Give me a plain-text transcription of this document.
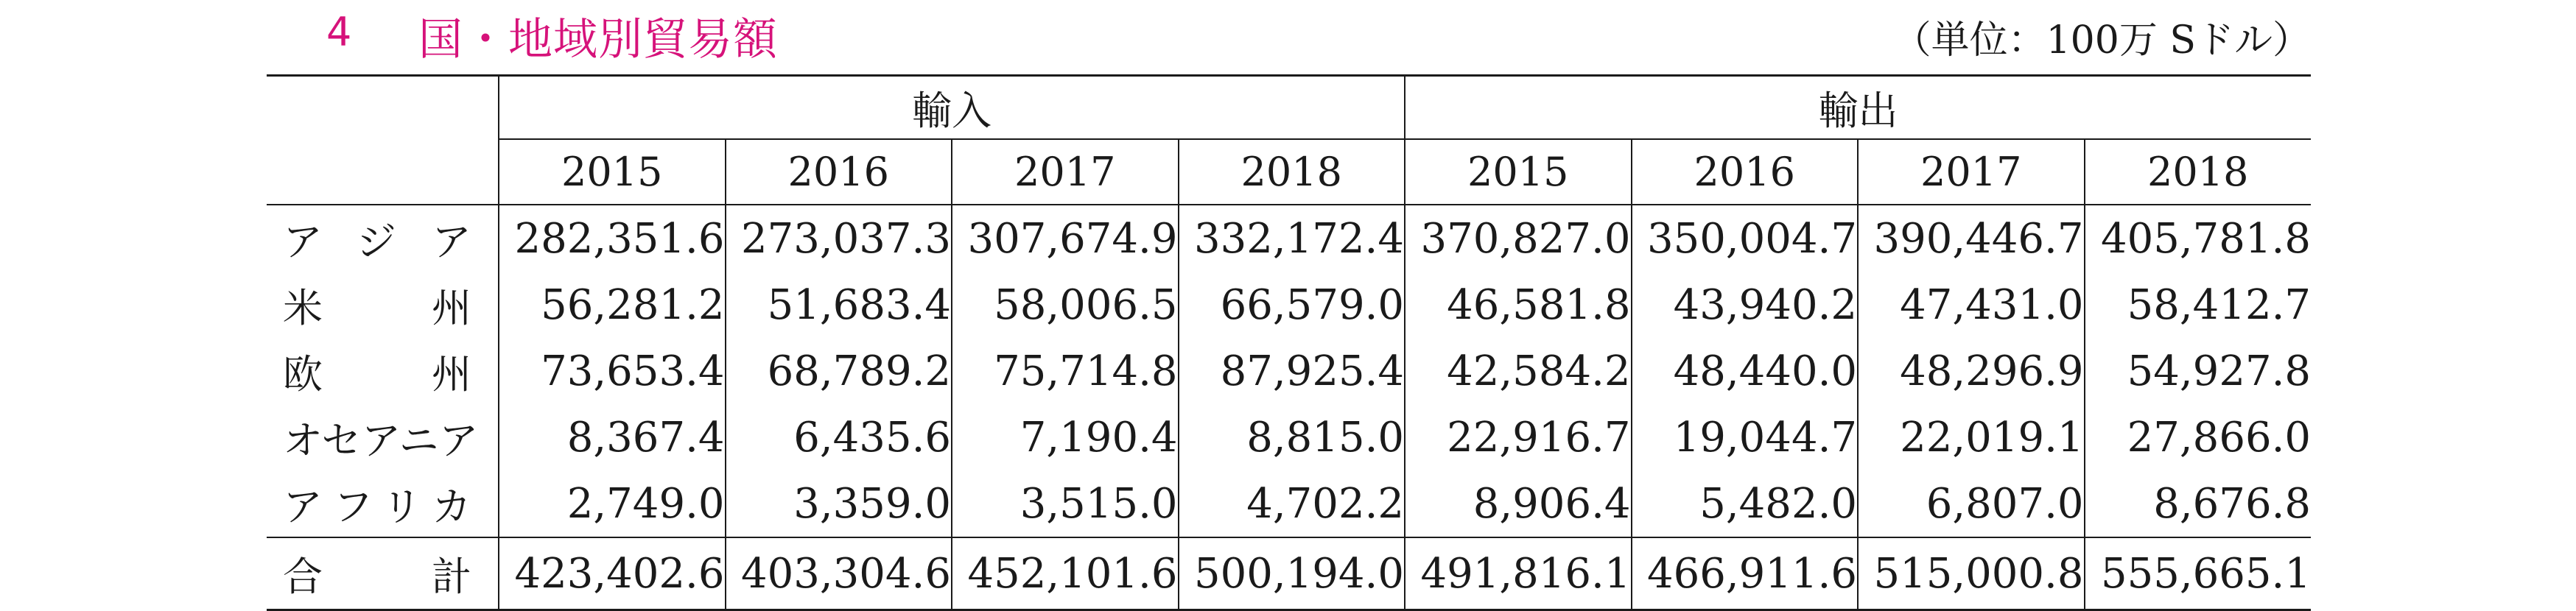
4 国・地域別貿易額	（単位：100万 Sドル）
	輸入				輸出			
	2015	2016	2017	2018	2015	2016	2017	2018
アジア	282,351.6	273,037.3	307,674.9	332,172.4	370,827.0	350,004.7	390,446.7	405,781.8
米州	56,281.2	51,683.4	58,006.5	66,579.0	46,581.8	43,940.2	47,431.0	58,412.7
欧州	73,653.4	68,789.2	75,714.8	87,925.4	42,584.2	48,440.0	48,296.9	54,927.8
オセアニア	8,367.4	6,435.6	7,190.4	8,815.0	22,916.7	19,044.7	22,019.1	27,866.0
アフリカ	2,749.0	3,359.0	3,515.0	4,702.2	8,906.4	5,482.0	6,807.0	8,676.8
合計	423,402.6	403,304.6	452,101.6	500,194.0	491,816.1	466,911.6	515,000.8	555,665.1
